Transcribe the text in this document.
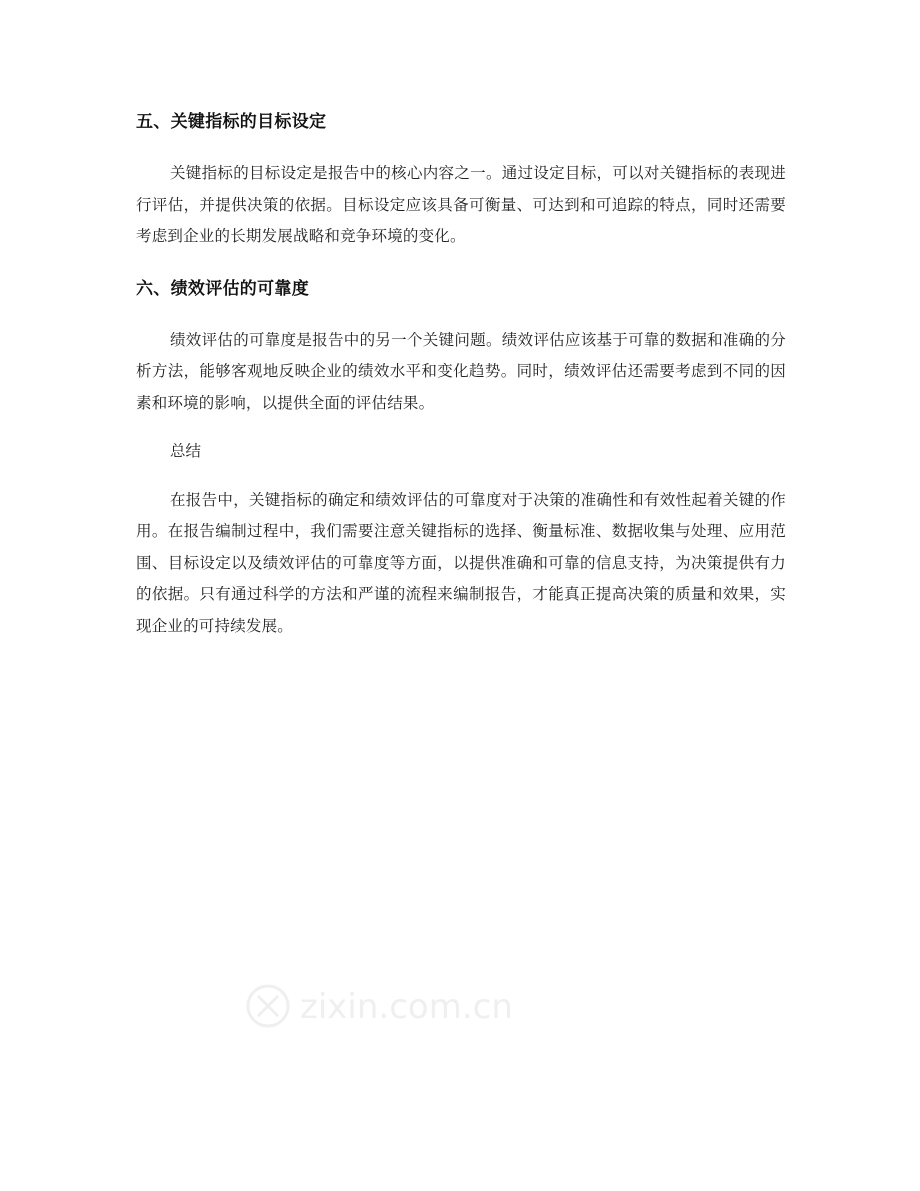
zixin.com.cn
五、关键指标的目标设定

关键指标的目标设定是报告中的核心内容之一。通过设定目标，可以对关键指标的表现进行评估，并提供决策的依据。目标设定应该具备可衡量、可达到和可追踪的特点，同时还需要考虑到企业的长期发展战略和竞争环境的变化。

六、绩效评估的可靠度

绩效评估的可靠度是报告中的另一个关键问题。绩效评估应该基于可靠的数据和准确的分析方法，能够客观地反映企业的绩效水平和变化趋势。同时，绩效评估还需要考虑到不同的因素和环境的影响，以提供全面的评估结果。

总结

在报告中，关键指标的确定和绩效评估的可靠度对于决策的准确性和有效性起着关键的作用。在报告编制过程中，我们需要注意关键指标的选择、衡量标准、数据收集与处理、应用范围、目标设定以及绩效评估的可靠度等方面，以提供准确和可靠的信息支持，为决策提供有力的依据。只有通过科学的方法和严谨的流程来编制报告，才能真正提高决策的质量和效果，实现企业的可持续发展。
